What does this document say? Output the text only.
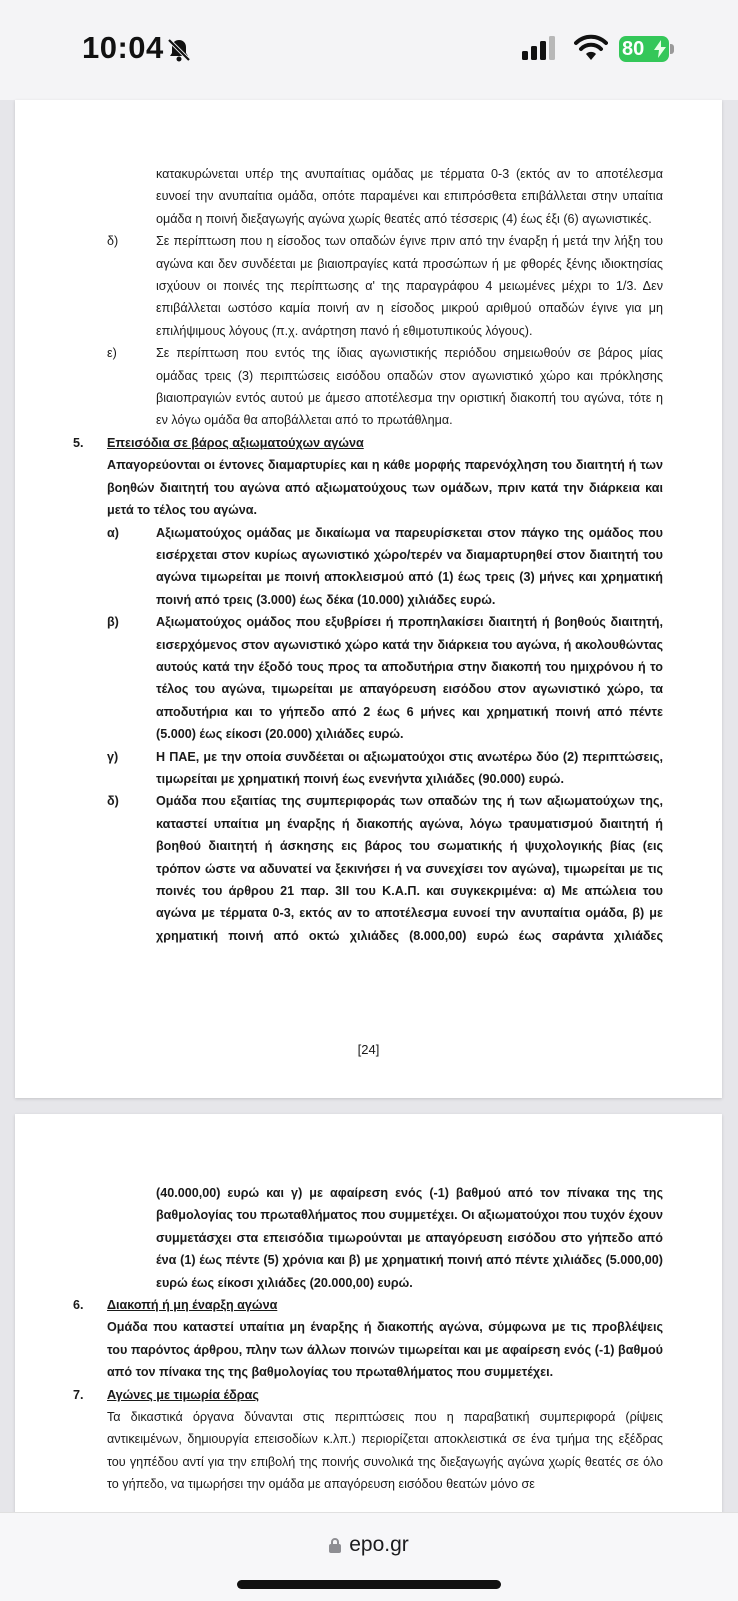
10:04	80
κατακυρώνεται υπέρ της ανυπαίτιας ομάδας με τέρματα 0-3 (εκτός αν το αποτέλεσμα ευνοεί την ανυπαίτια ομάδα, οπότε παραμένει και επιπρόσθετα επιβάλλεται στην υπαίτια ομάδα η ποινή διεξαγωγής αγώνα χωρίς θεατές από τέσσερις (4) έως έξι (6) αγωνιστικές.
δ)	Σε περίπτωση που η είσοδος των οπαδών έγινε πριν από την έναρξη ή μετά την λήξη του αγώνα και δεν συνδέεται με βιαιοπραγίες κατά προσώπων ή με φθορές ξένης ιδιοκτησίας ισχύουν οι ποινές της περίπτωσης α' της παραγράφου 4 μειωμένες μέχρι το 1/3. Δεν επιβάλλεται ωστόσο καμία ποινή αν η είσοδος μικρού αριθμού οπαδών έγινε για μη επιλήψιμους λόγους (π.χ. ανάρτηση πανό ή εθιμοτυπικούς λόγους).
ε)	Σε περίπτωση που εντός της ίδιας αγωνιστικής περιόδου σημειωθούν σε βάρος μίας ομάδας τρεις (3) περιπτώσεις εισόδου οπαδών στον αγωνιστικό χώρο και πρόκλησης βιαιοπραγιών εντός αυτού με άμεσο αποτέλεσμα την οριστική διακοπή του αγώνα, τότε η εν λόγω ομάδα θα αποβάλλεται από το πρωτάθλημα.
5. Επεισόδια σε βάρος αξιωματούχων αγώνα
Απαγορεύονται οι έντονες διαμαρτυρίες και η κάθε μορφής παρενόχληση του διαιτητή ή των βοηθών διαιτητή του αγώνα από αξιωματούχους των ομάδων, πριν κατά την διάρκεια και μετά το τέλος του αγώνα.
α)	Αξιωματούχος ομάδας με δικαίωμα να παρευρίσκεται στον πάγκο της ομάδος που εισέρχεται στον κυρίως αγωνιστικό χώρο/τερέν να διαμαρτυρηθεί στον διαιτητή του αγώνα τιμωρείται με ποινή αποκλεισμού από (1) έως τρεις (3) μήνες και χρηματική ποινή από τρεις (3.000) έως δέκα (10.000) χιλιάδες ευρώ.
β)	Αξιωματούχος ομάδος που εξυβρίσει ή προπηλακίσει διαιτητή ή βοηθούς διαιτητή, εισερχόμενος στον αγωνιστικό χώρο κατά την διάρκεια του αγώνα, ή ακολουθώντας αυτούς κατά την έξοδό τους προς τα αποδυτήρια στην διακοπή του ημιχρόνου ή το τέλος του αγώνα, τιμωρείται με απαγόρευση εισόδου στον αγωνιστικό χώρο, τα αποδυτήρια και το γήπεδο από 2 έως 6 μήνες και χρηματική ποινή από πέντε (5.000) έως είκοσι (20.000) χιλιάδες ευρώ.
γ)	Η ΠΑΕ, με την οποία συνδέεται οι αξιωματούχοι στις ανωτέρω δύο (2) περιπτώσεις, τιμωρείται με χρηματική ποινή έως ενενήντα χιλιάδες (90.000) ευρώ.
δ)	Ομάδα που εξαιτίας της συμπεριφοράς των οπαδών της ή των αξιωματούχων της, καταστεί υπαίτια μη έναρξης ή διακοπής αγώνα, λόγω τραυματισμού διαιτητή ή βοηθού διαιτητή ή άσκησης εις βάρος του σωματικής ή ψυχολογικής βίας (εις τρόπον ώστε να αδυνατεί να ξεκινήσει ή να συνεχίσει τον αγώνα), τιμωρείται με τις ποινές του άρθρου 21 παρ. 3ΙΙ του Κ.Α.Π. και συγκεκριμένα: α) Με απώλεια του αγώνα με τέρματα 0-3, εκτός αν το αποτέλεσμα ευνοεί την ανυπαίτια ομάδα, β) με χρηματική ποινή από οκτώ χιλιάδες (8.000,00) ευρώ έως σαράντα χιλιάδες
[24]
(40.000,00) ευρώ και γ) με αφαίρεση ενός (-1) βαθμού από τον πίνακα της της βαθμολογίας του πρωταθλήματος που συμμετέχει. Οι αξιωματούχοι που τυχόν έχουν συμμετάσχει στα επεισόδια τιμωρούνται με απαγόρευση εισόδου στο γήπεδο από ένα (1) έως πέντε (5) χρόνια και β) με χρηματική ποινή από πέντε χιλιάδες (5.000,00) ευρώ έως είκοσι χιλιάδες (20.000,00) ευρώ.
6. Διακοπή ή μη έναρξη αγώνα
Ομάδα που καταστεί υπαίτια μη έναρξης ή διακοπής αγώνα, σύμφωνα με τις προβλέψεις του παρόντος άρθρου, πλην των άλλων ποινών τιμωρείται και με αφαίρεση ενός (-1) βαθμού από τον πίνακα της της βαθμολογίας του πρωταθλήματος που συμμετέχει.
7. Αγώνες με τιμωρία έδρας
Τα δικαστικά όργανα δύνανται στις περιπτώσεις που η παραβατική συμπεριφορά (ρίψεις αντικειμένων, δημιουργία επεισοδίων κ.λπ.) περιορίζεται αποκλειστικά σε ένα τμήμα της εξέδρας του γηπέδου αντί για την επιβολή της ποινής συνολικά της διεξαγωγής αγώνα χωρίς θεατές σε όλο το γήπεδο, να τιμωρήσει την ομάδα με απαγόρευση εισόδου θεατών μόνο σε
epo.gr
